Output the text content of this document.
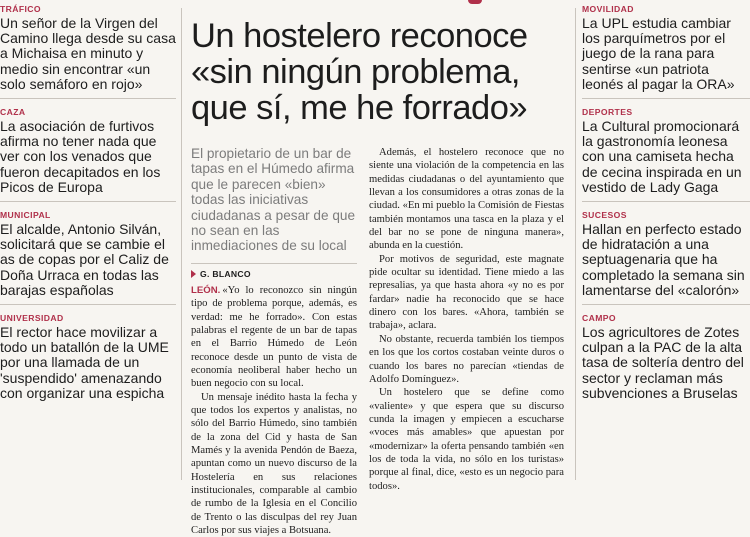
TRÁFICO
Un señor de la Virgen del Camino llega desde su casa a Michaisa en minuto y medio sin encontrar «un solo semáforo en rojo»
CAZA
La asociación de furtivos afirma no tener nada que ver con los venados que fueron decapitados en los Picos de Europa
MUNICIPAL
El alcalde, Antonio Silván, solicitará que se cambie el as de copas por el Caliz de Doña Urraca en todas las barajas españolas
UNIVERSIDAD
El rector hace movilizar a todo un batallón de la UME por una llamada de un 'suspendido' amenazando con organizar una espicha
Un hostelero reconoce «sin ningún problema, que sí, me he forrado»

El propietario de un bar de tapas en el Húmedo afirma que le parecen «bien» todas las iniciativas ciudadanas a pesar de que no sean en las inmediaciones de su local

G. BLANCO

LEÓN. «Yo lo reconozco sin ningún tipo de problema porque, además, es verdad: me he forrado». Con estas palabras el regente de un bar de tapas en el Barrio Húmedo de León reconoce desde un punto de vista de economía neoliberal haber hecho un buen negocio con su local.

Un mensaje inédito hasta la fecha y que todos los expertos y analistas, no sólo del Barrio Húmedo, sino también de la zona del Cid y hasta de San Mamés y la avenida Pendón de Baeza, apuntan como un nuevo discurso de la Hostelería en sus relaciones institucionales, comparable al cambio de rumbo de la Iglesia en el Concilio de Trento o las disculpas del rey Juan Carlos por sus viajes a Botsuana.

Además, el hostelero reconoce que no siente una violación de la competencia en las medidas ciudadanas o del ayuntamiento que llevan a los consumidores a otras zonas de la ciudad. «En mi pueblo la Comisión de Fiestas también montamos una tasca en la plaza y el del bar no se pone de ninguna manera», abunda en la cuestión.

Por motivos de seguridad, este magnate pide ocultar su identidad. Tiene miedo a las represalias, ya que hasta ahora «y no es por fardar» nadie ha reconocido que se hace dinero con los bares. «Ahora, también se trabaja», aclara.

No obstante, recuerda también los tiempos en los que los cortos costaban veinte duros o cuando los bares no parecían «tiendas de Adolfo Domínguez».

Un hostelero que se define como «valiente» y que espera que su discurso cunda la imagen y empiecen a escucharse «voces más amables» que apuestan por «modernizar» la oferta pensando también «en los de toda la vida, no sólo en los turistas» porque al final, dice, «esto es un negocio para todos».

MOVILIDAD
La UPL estudia cambiar los parquímetros por el juego de la rana para sentirse «un patriota leonés al pagar la ORA»
DEPORTES
La Cultural promocionará la gastronomía leonesa con una camiseta hecha de cecina inspirada en un vestido de Lady Gaga
SUCESOS
Hallan en perfecto estado de hidratación a una septuagenaria que ha completado la semana sin lamentarse del «calorón»
CAMPO
Los agricultores de Zotes culpan a la PAC de la alta tasa de soltería dentro del sector y reclaman más subvenciones a Bruselas
